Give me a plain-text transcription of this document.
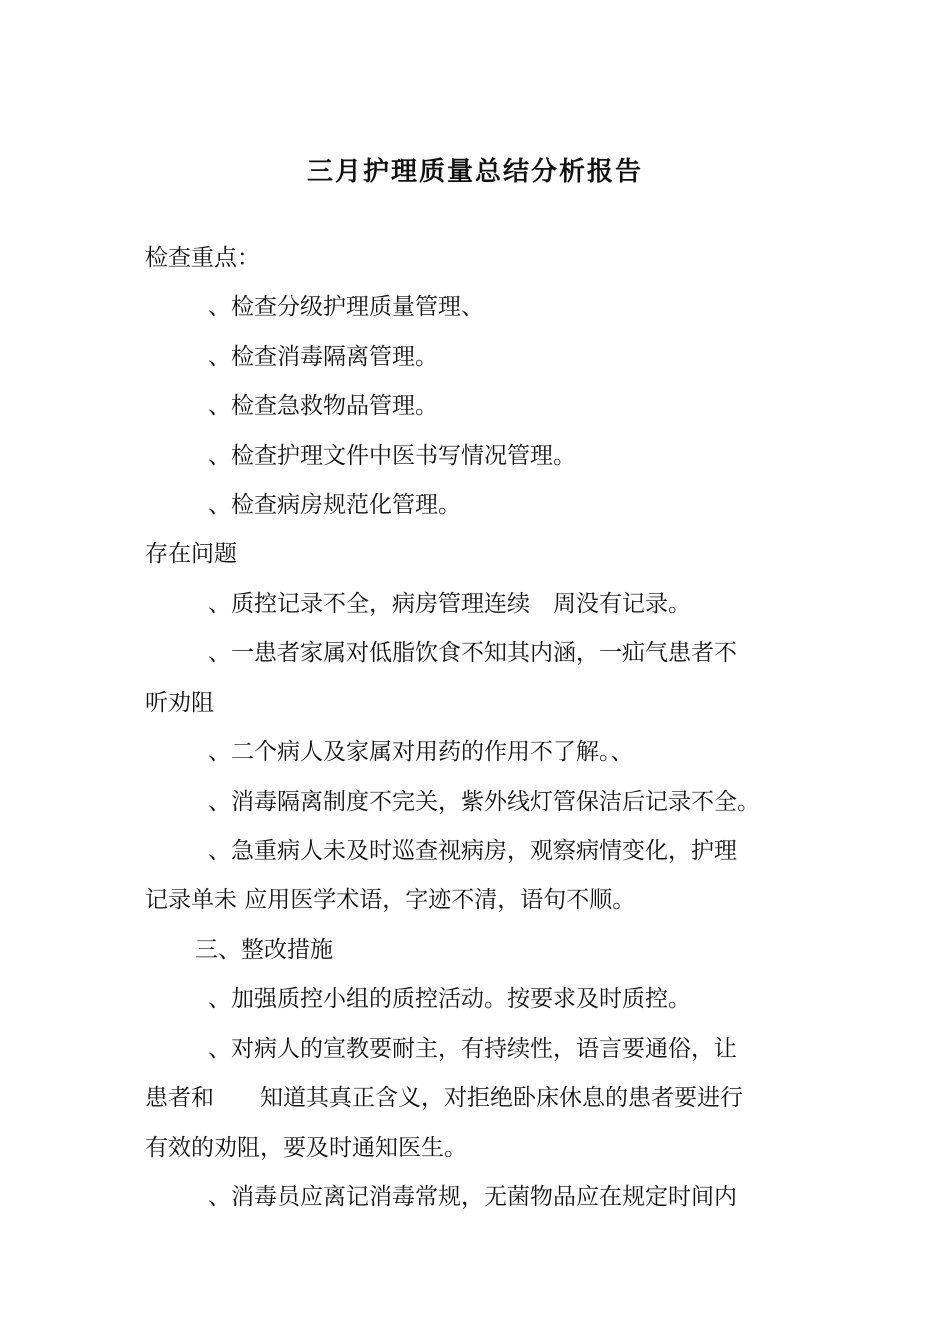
三月护理质量总结分析报告
检查重点：
、检查分级护理质量管理、
、检查消毒隔离管理。
、检查急救物品管理。
、检查护理文件中医书写情况管理。
、检查病房规范化管理。
存在问题
、质控记录不全，病房管理连续　周没有记录。
、一患者家属对低脂饮食不知其内涵，一疝气患者不
听劝阻
、二个病人及家属对用药的作用不了解。、
、消毒隔离制度不完关，紫外线灯管保洁后记录不全。
、急重病人未及时巡查视病房，观察病情变化，护理
记录单未 应用医学术语，字迹不清，语句不顺。
三、整改措施
、加强质控小组的质控活动。按要求及时质控。
、对病人的宣教要耐主，有持续性，语言要通俗，让
患者和　　知道其真正含义，对拒绝卧床休息的患者要进行
有效的劝阻，要及时通知医生。
、消毒员应离记消毒常规，无菌物品应在规定时间内
